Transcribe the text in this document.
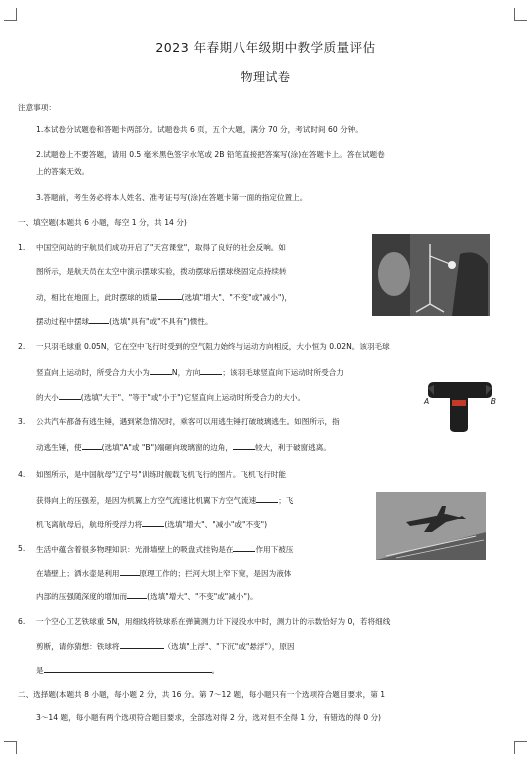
2023 年春期八年级期中教学质量评估
物理试卷
注意事项：
1.本试卷分试题卷和答题卡两部分。试题卷共 6 页，五个大题，满分 70 分，考试时间 60 分钟。
2.试题卷上不要答题，请用 0.5 毫米黑色签字水笔或 2B 铅笔直接把答案写(涂)在答题卡上。答在试题卷
上的答案无效。
3.答题前，考生务必将本人姓名、准考证号写(涂)在答题卡第一面的指定位置上。
一、填空题(本题共 6 小题，每空 1 分，共 14 分)
1. 中国空间站的宇航员们成功开启了"天宫课堂"，取得了良好的社会反响。如
图所示，是航天员在太空中演示摆球实验，拨动摆球后摆球绕固定点持续转
动，相比在地面上，此时摆球的质量	(选填"增大"、"不变"或"减小")，
摆动过程中摆球	(选填"具有"或"不具有")惯性。
2. 一只羽毛球重 0.05N，它在空中飞行时受到的空气阻力始终与运动方向相反，大小恒为 0.02N。该羽毛球
竖直向上运动时，所受合力大小为	N，方向	；该羽毛球竖直向下运动时所受合力
的大小	(选填"大于"、"等于"或"小于")它竖直向上运动时所受合力的大小。	A	B
3. 公共汽车都备有逃生锤，遇到紧急情况时，乘客可以用逃生锤打破玻璃逃生。如图所示，指
动逃生锤，使	(选填"A"或 "B")端砸向玻璃窗的边角，	较大，利于破窗逃离。
4. 如图所示，是中国航母"辽宁号"训练时舰载飞机飞行的图片。飞机飞行时能
获得向上的压强差，是因为机翼上方空气流速比机翼下方空气流速	；飞
机飞离航母后，航母所受浮力将	(选填"增大"、"减小"或"不变")
5. 生活中蕴含着很多物理知识：光滑墙壁上的吸盘式挂钩是在	作用下被压
在墙壁上；洒水壶是利用	原理工作的；拦河大坝上窄下宽，是因为液体
内部的压强随深度的增加而	(选填"增大"、"不变"或"减小")。
6. 一个空心工艺铁球重 5N，用细线将铁球系在弹簧测力计下浸没水中时，测力计的示数恰好为 0，若将细线
剪断，请你猜想：铁球将	（选填"上浮"、"下沉"或"悬浮"），原因
是	。
二、选择题(本题共 8 小题，每小题 2 分，共 16 分。第 7～12 题，每小题只有一个选项符合题目要求，第 1
3～14 题，每小题有两个选项符合题目要求，全部选对得 2 分，选对但不全得 1 分，有错选的得 0 分)
